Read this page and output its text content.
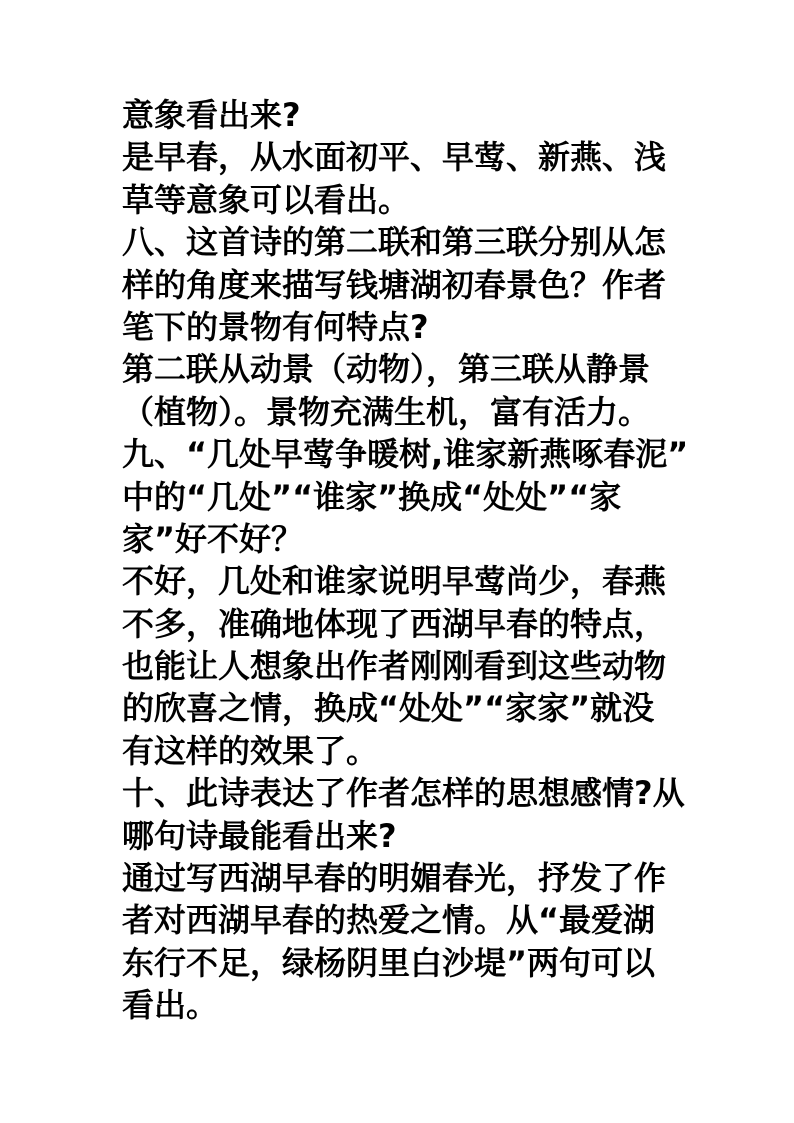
意象看出来?
是早春，从水面初平、早莺、新燕、浅
草等意象可以看出。
八、这首诗的第二联和第三联分别从怎
样的角度来描写钱塘湖初春景色？作者
笔下的景物有何特点?
第二联从动景（动物），第三联从静景
（植物）。景物充满生机，富有活力。
九、“几处早莺争暖树,谁家新燕啄春泥”
中的“几处”“谁家”换成“处处”“家
家”好不好？
不好，几处和谁家说明早莺尚少，春燕
不多，准确地体现了西湖早春的特点，
也能让人想象出作者刚刚看到这些动物
的欣喜之情，换成“处处”“家家”就没
有这样的效果了。
十、此诗表达了作者怎样的思想感情?从
哪句诗最能看出来?
通过写西湖早春的明媚春光，抒发了作
者对西湖早春的热爱之情。从“最爱湖
东行不足，绿杨阴里白沙堤”两句可以
看出。
